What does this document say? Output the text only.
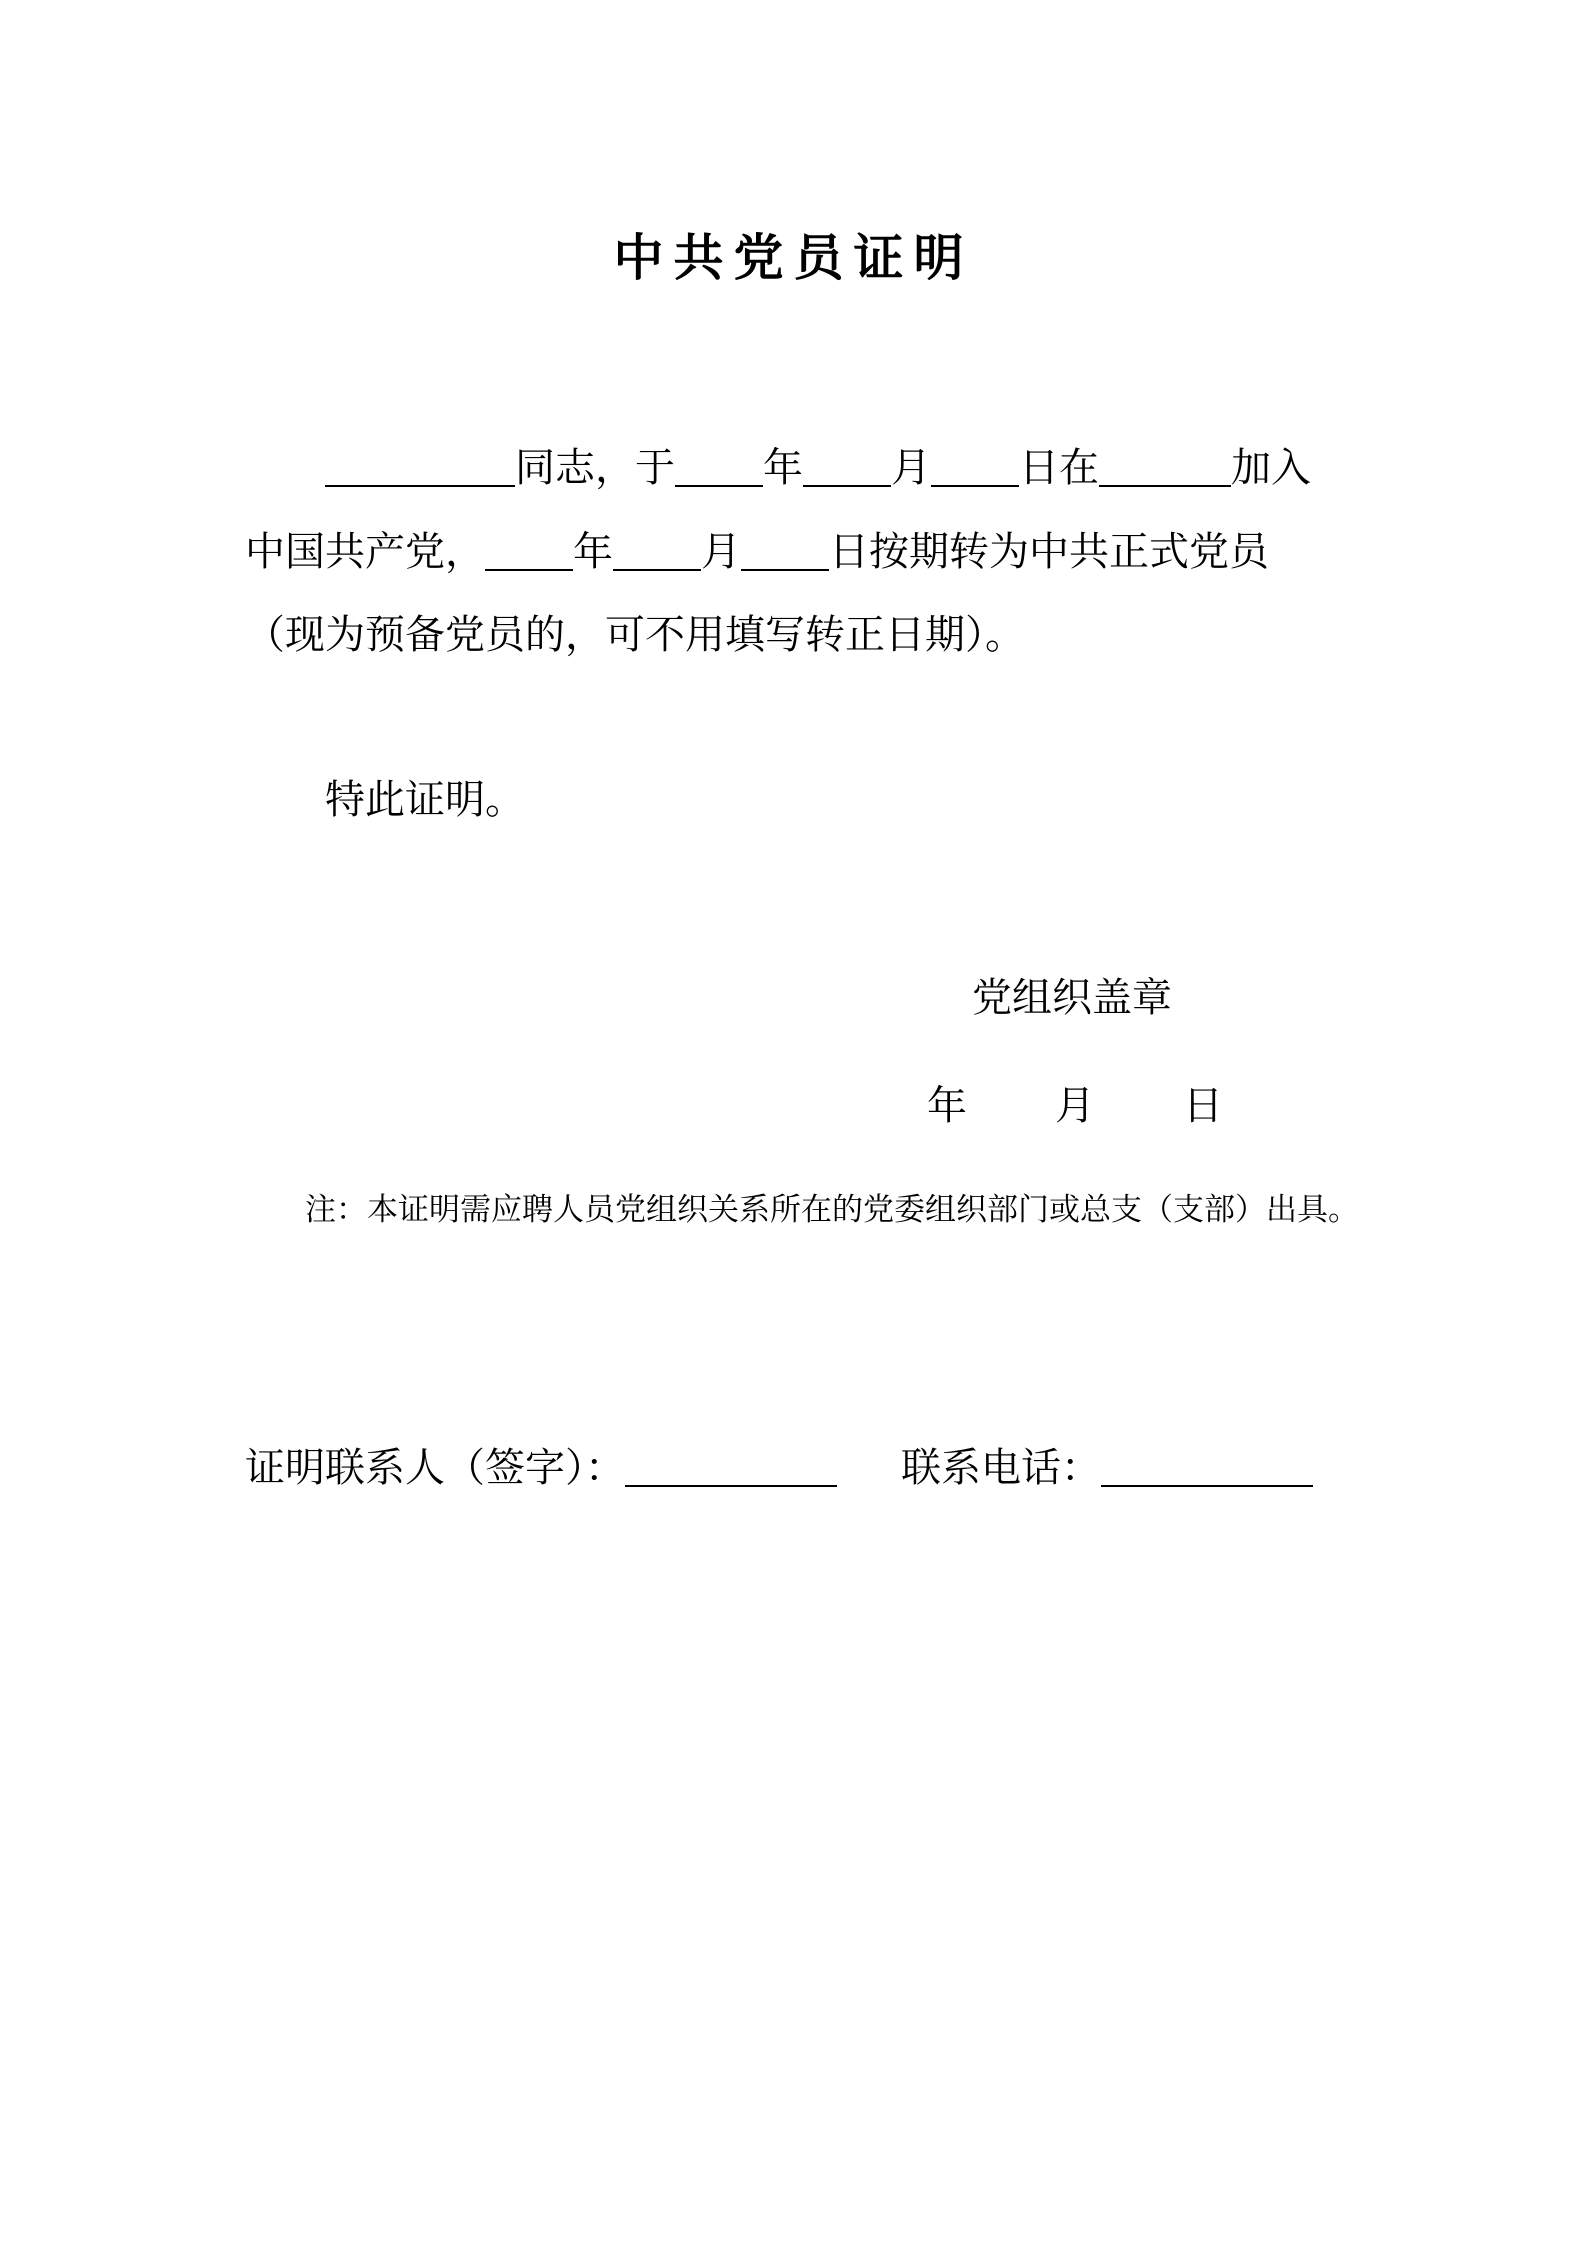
中共党员证明
同志，于 年 月 日在	加入
中国共产党， 年 月 日按期转为中共正式党员
（现为预备党员的，可不用填写转正日期）。
特此证明。
党组织盖章
年 月 日
注：本证明需应聘人员党组织关系所在的党委组织部门或总支（支部）出具。
证明联系人（签字）：	联系电话：
